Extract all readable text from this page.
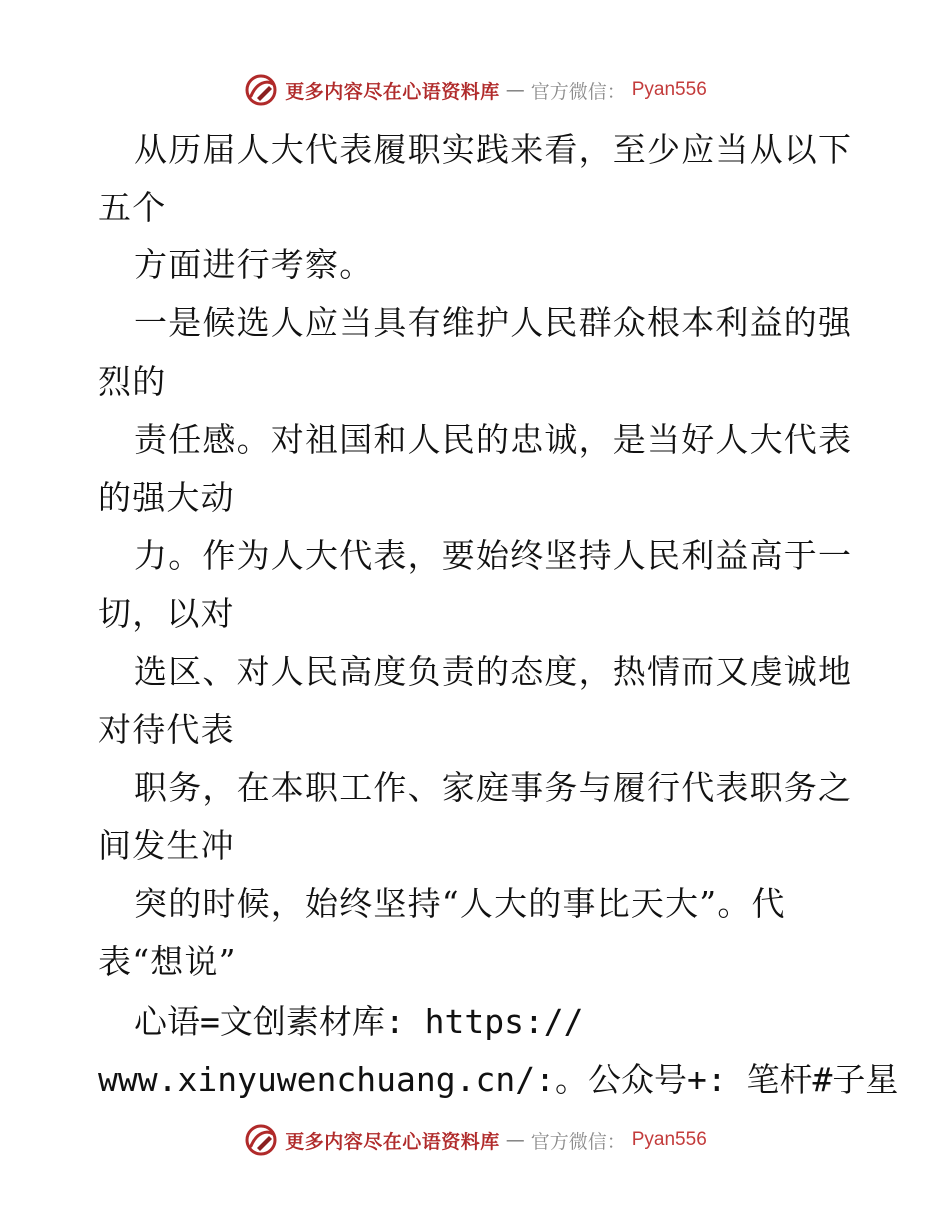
更多内容尽在心语资料库 — 官方微信： Pyan556
从历届人大代表履职实践来看，至少应当从以下
五个
方面进行考察。
一是候选人应当具有维护人民群众根本利益的强
烈的
责任感。对祖国和人民的忠诚，是当好人大代表
的强大动
力。作为人大代表，要始终坚持人民利益高于一
切，以对
选区、对人民高度负责的态度，热情而又虔诚地
对待代表
职务，在本职工作、家庭事务与履行代表职务之
间发生冲
突的时候，始终坚持“人大的事比天大”。代
表“想说”
心语=文创素材库: https://
www.xinyuwenchuang.cn/:。公众号+: 笔杆#子星
更多内容尽在心语资料库 — 官方微信： Pyan556
